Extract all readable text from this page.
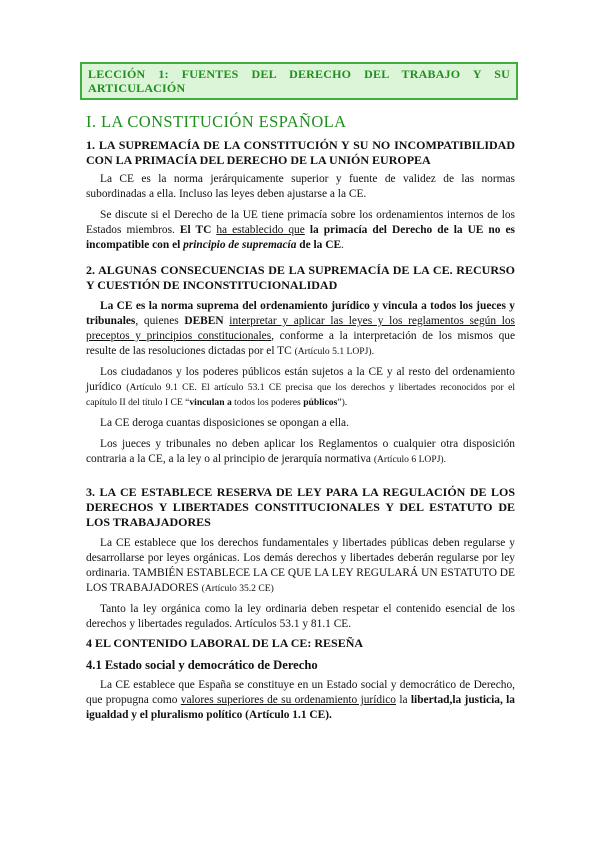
LECCIÓN 1: FUENTES DEL DERECHO DEL TRABAJO Y SU ARTICULACIÓN
I. LA CONSTITUCIÓN ESPAÑOLA

1. LA SUPREMACÍA DE LA CONSTITUCIÓN Y SU NO INCOMPATIBILIDAD CON LA PRIMACÍA DEL DERECHO DE LA UNIÓN EUROPEA

La CE es la norma jerárquicamente superior y fuente de validez de las normas subordinadas a ella. Incluso las leyes deben ajustarse a la CE.

Se discute si el Derecho de la UE tiene primacía sobre los ordenamientos internos de los Estados miembros. El TC ha establecido que la primacía del Derecho de la UE no es incompatible con el principio de supremacía de la CE.

2. ALGUNAS CONSECUENCIAS DE LA SUPREMACÍA DE LA CE. RECURSO Y CUESTIÓN DE INCONSTITUCIONALIDAD

La CE es la norma suprema del ordenamiento jurídico y vincula a todos los jueces y tribunales, quienes DEBEN interpretar y aplicar las leyes y los reglamentos según los preceptos y principios constitucionales, conforme a la interpretación de los mismos que resulte de las resoluciones dictadas por el TC (Artículo 5.1 LOPJ).

Los ciudadanos y los poderes públicos están sujetos a la CE y al resto del ordenamiento jurídico (Artículo 9.1 CE. El artículo 53.1 CE precisa que los derechos y libertades reconocidos por el capítulo II del título I CE “vinculan a todos los poderes públicos”).

La CE deroga cuantas disposiciones se opongan a ella.

Los jueces y tribunales no deben aplicar los Reglamentos o cualquier otra disposición contraria a la CE, a la ley o al principio de jerarquía normativa (Artículo 6 LOPJ).

3. LA CE ESTABLECE RESERVA DE LEY PARA LA REGULACIÓN DE LOS DERECHOS Y LIBERTADES CONSTITUCIONALES Y DEL ESTATUTO DE LOS TRABAJADORES

La CE establece que los derechos fundamentales y libertades públicas deben regularse y desarrollarse por leyes orgánicas. Los demás derechos y libertades deberán regularse por ley ordinaria. TAMBIÉN ESTABLECE LA CE QUE LA LEY REGULARÁ UN ESTATUTO DE LOS TRABAJADORES (Artículo 35.2 CE)

Tanto la ley orgánica como la ley ordinaria deben respetar el contenido esencial de los derechos y libertades regulados. Artículos 53.1 y 81.1 CE.

4 EL CONTENIDO LABORAL DE LA CE: RESEÑA

4.1 Estado social y democrático de Derecho

La CE establece que España se constituye en un Estado social y democrático de Derecho, que propugna como valores superiores de su ordenamiento jurídico la libertad,la justicia, la igualdad y el pluralismo político (Artículo 1.1 CE).
